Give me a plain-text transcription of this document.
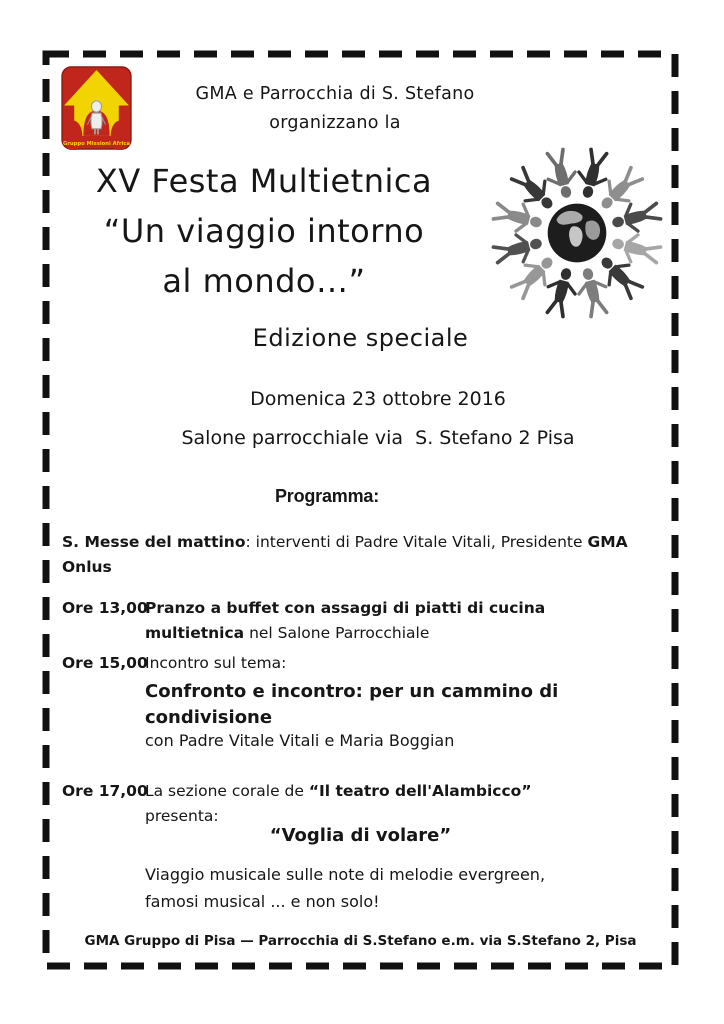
Gruppo Missioni Africa
GMA e Parrocchia di S. Stefano
organizzano la
XV Festa Multietnica
“Un viaggio intorno
al mondo…”
Edizione speciale
Domenica 23 ottobre 2016
Salone parrocchiale via  S. Stefano 2 Pisa
Programma:
S. Messe del mattino: interventi di Padre Vitale Vitali, Presidente GMA Onlus
Ore 13,00
Pranzo a buffet con assaggi di piatti di cucina multietnica nel Salone Parrocchiale
Ore 15,00
Incontro sul tema:
Confronto e incontro: per un cammino di condivisione
con Padre Vitale Vitali e Maria Boggian
Ore 17,00
La sezione corale de “Il teatro dell'Alambicco”
presenta:
“Voglia di volare”
Viaggio musicale sulle note di melodie evergreen, famosi musical ... e non solo!
GMA Gruppo di Pisa — Parrocchia di S.Stefano e.m. via S.Stefano 2, Pisa
